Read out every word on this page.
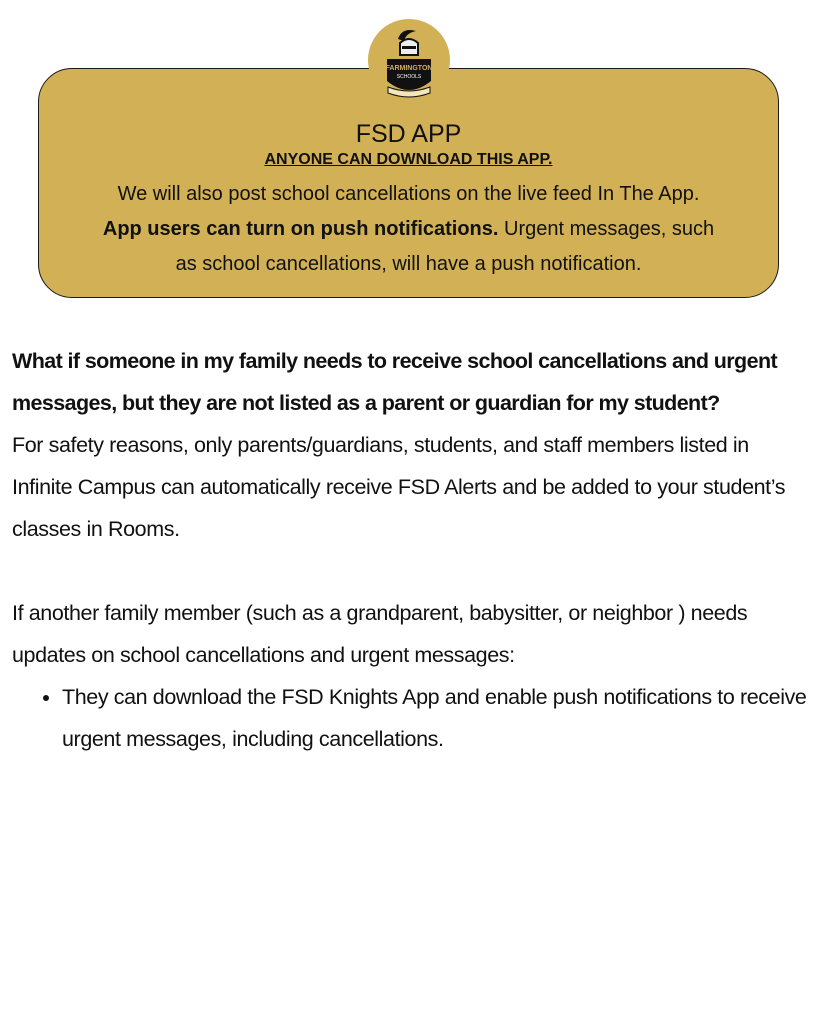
FARMINGTON
SCHOOLS
FSD APP
ANYONE CAN DOWNLOAD THIS APP.
We will also post school cancellations on the live feed In The App.
App users can turn on push notifications. Urgent messages, such
as school cancellations, will have a push notification.
What if someone in my family needs to receive school cancellations and urgent messages, but they are not listed as a parent or guardian for my student?
For safety reasons, only parents/guardians, students, and staff members listed in Infinite Campus can automatically receive FSD Alerts and be added to your student’s classes in Rooms.
If another family member (such as a grandparent, babysitter, or neighbor ) needs updates on school cancellations and urgent messages:
• They can download the FSD Knights App and enable push notifications to receive urgent messages, including cancellations.
